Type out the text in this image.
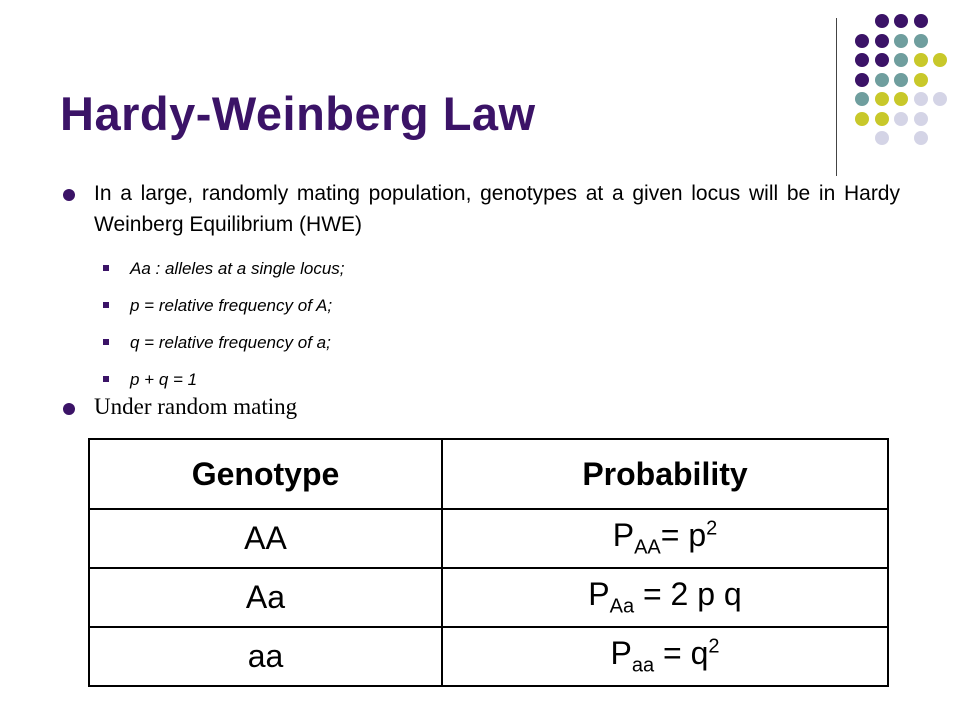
Hardy-Weinberg Law
In a large, randomly mating population, genotypes at a given locus will be in Hardy Weinberg Equilibrium (HWE)
Aa : alleles at a single locus;
p = relative frequency of A;
q = relative frequency of a;
p + q = 1
Under random mating
Genotype	Probability
AA	$P_{AA}= p^2$
Aa	$P_{Aa} = 2$ p q
aa	$P_{aa} = q^2$
